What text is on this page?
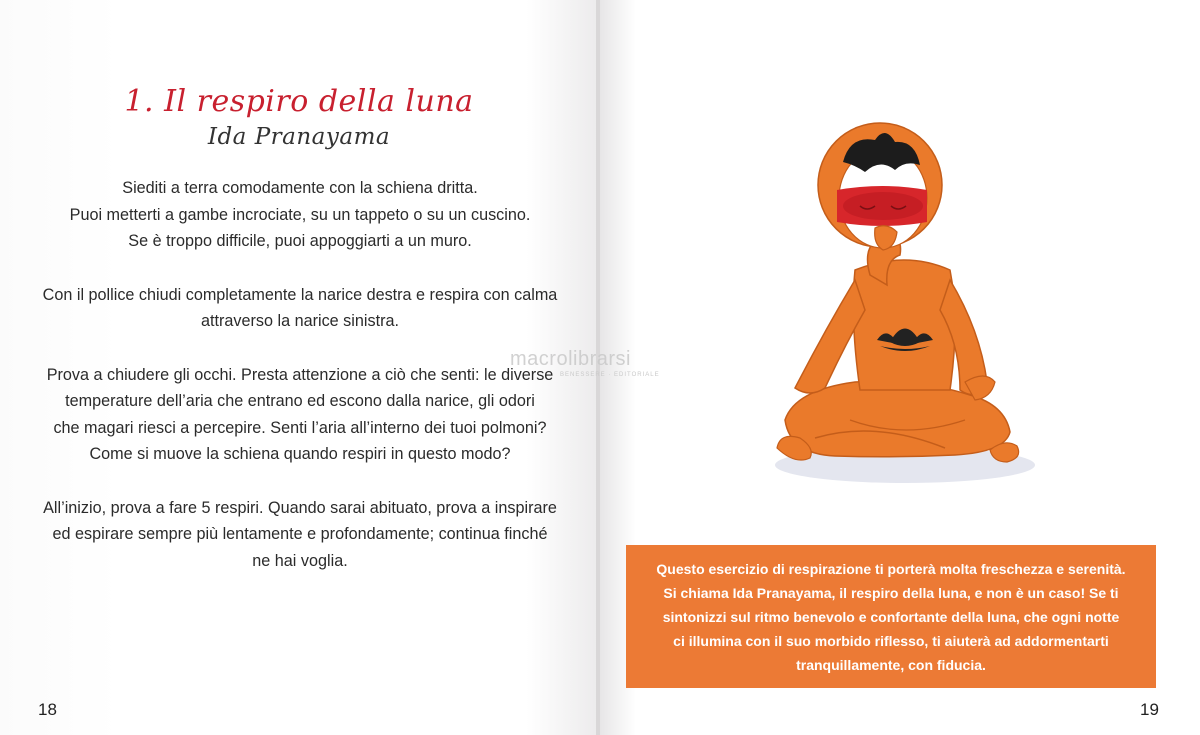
1. Il respiro della luna
Ida Pranayama

Siediti a terra comodamente con la schiena dritta.
Puoi metterti a gambe incrociate, su un tappeto o su un cuscino.
Se è troppo difficile, puoi appoggiarti a un muro.

Con il pollice chiudi completamente la narice destra e respira con calma
attraverso la narice sinistra.

Prova a chiudere gli occhi. Presta attenzione a ciò che senti: le diverse
temperature dell’aria che entrano ed escono dalla narice, gli odori
che magari riesci a percepire. Senti l’aria all’interno dei tuoi polmoni?
Come si muove la schiena quando respiri in questo modo?

All’inizio, prova a fare 5 respiri. Quando sarai abituato, prova a inspirare
ed espirare sempre più lentamente e profondamente; continua finché
ne hai voglia.

18
macrolibrarsi
BENESSERE · EDITORIALE
Questo esercizio di respirazione ti porterà molta freschezza e serenità.
Si chiama Ida Pranayama, il respiro della luna, e non è un caso! Se ti
sintonizzi sul ritmo benevolo e confortante della luna, che ogni notte
ci illumina con il suo morbido riflesso, ti aiuterà ad addormentarti
tranquillamente, con fiducia.
19
